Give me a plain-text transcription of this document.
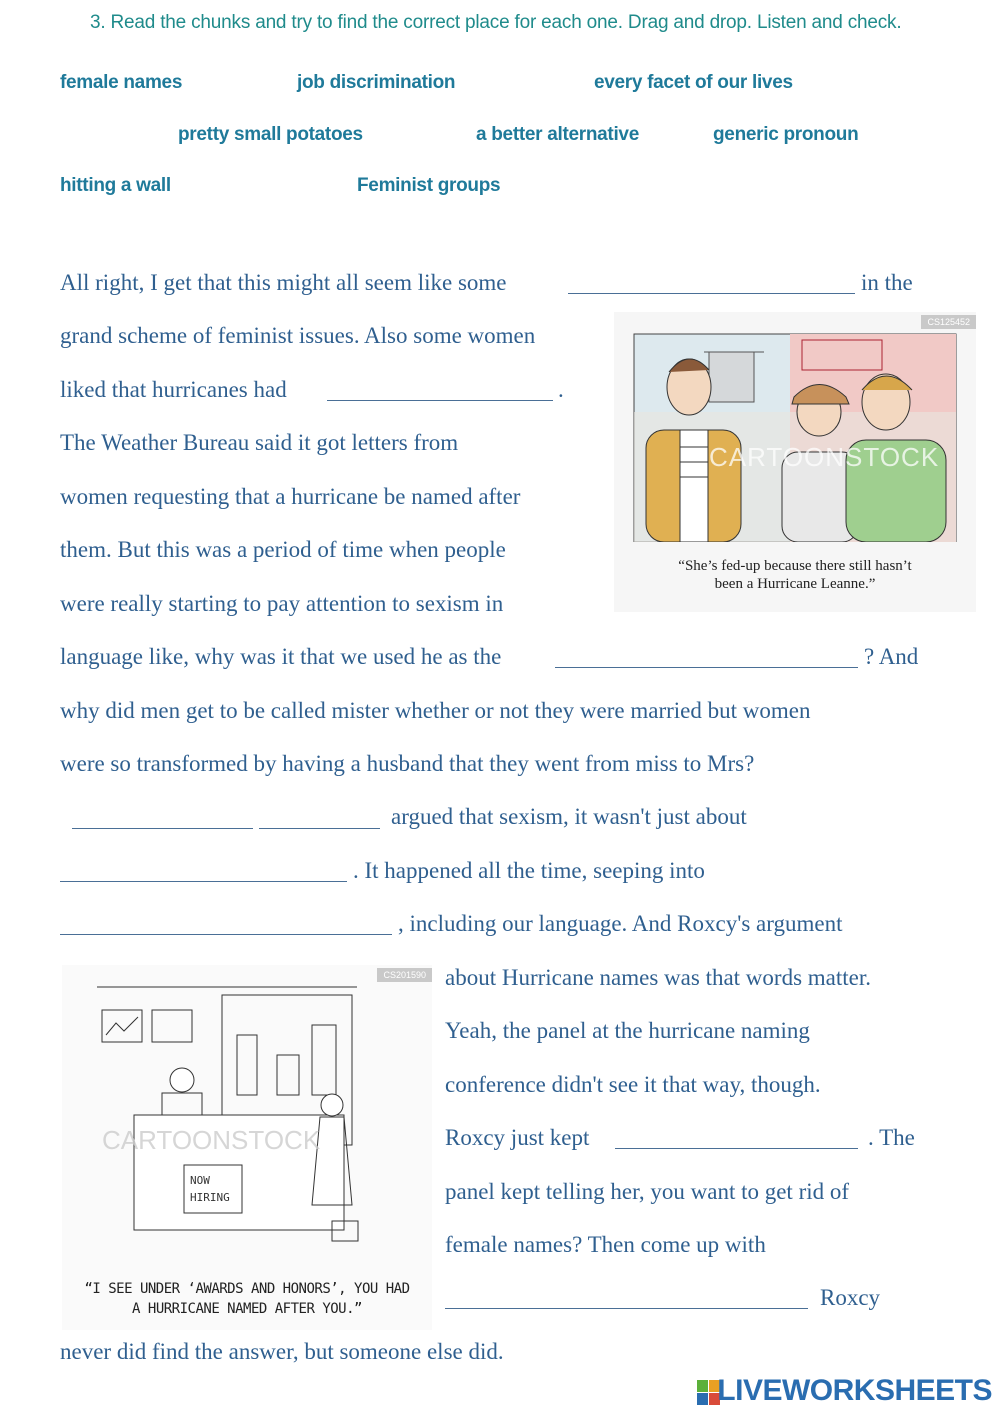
3. Read the chunks and try to find the correct place for each one. Drag and drop. Listen and check.
female names	job discrimination	every facet of our lives
pretty small potatoes	a better alternative	generic pronoun
hitting a wall	Feminist groups
All right, I get that this might all seem like some	in the
grand scheme of feminist issues. Also some women
liked that hurricanes had	.
The Weather Bureau said it got letters from
women requesting that a hurricane be named after
them. But this was a period of time when people
were really starting to pay attention to sexism in
language like, why was it that we used he as the	? And
why did men get to be called mister whether or not they were married but women
were so transformed by having a husband that they went from miss to Mrs?
argued that sexism, it wasn't just about
. It happened all the time, seeping into
, including our language. And Roxcy's argument
about Hurricane names was that words matter.
Yeah, the panel at the hurricane naming
conference didn't see it that way, though.
Roxcy just kept	. The
panel kept telling her, you want to get rid of
female names? Then come up with
Roxcy
never did find the answer, but someone else did.
CS125452
CARTOONSTOCK
“She’s fed-up because there still hasn’t
been a Hurricane Leanne.”
CS201590
NOW
HIRING
CARTOONSTOCK
“I SEE UNDER ‘AWARDS AND HONORS’, YOU HAD
A HURRICANE NAMED AFTER YOU.”
LIVEWORKSHEETS
